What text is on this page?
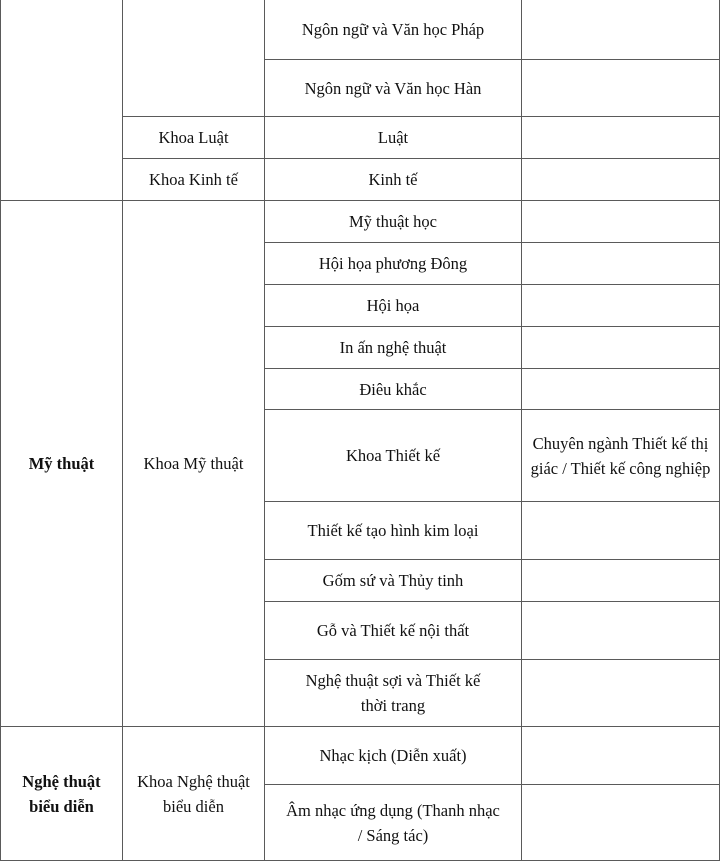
		Ngôn ngữ và Văn học Pháp	
		Ngôn ngữ và Văn học Hàn	
	Khoa Luật	Luật	
	Khoa Kinh tế	Kinh tế	
Mỹ thuật	Khoa Mỹ thuật	Mỹ thuật học	
		Hội họa phương Đông	
		Hội họa	
		In ấn nghệ thuật	
		Điêu khắc	
		Khoa Thiết kế	Chuyên ngành Thiết kế thị giác / Thiết kế công nghiệp
		Thiết kế tạo hình kim loại	
		Gốm sứ và Thủy tinh	
		Gỗ và Thiết kế nội thất	
		Nghệ thuật sợi và Thiết kế thời trang	
Nghệ thuật biểu diễn	Khoa Nghệ thuật biểu diễn	Nhạc kịch (Diễn xuất)	
		Âm nhạc ứng dụng (Thanh nhạc / Sáng tác)	
